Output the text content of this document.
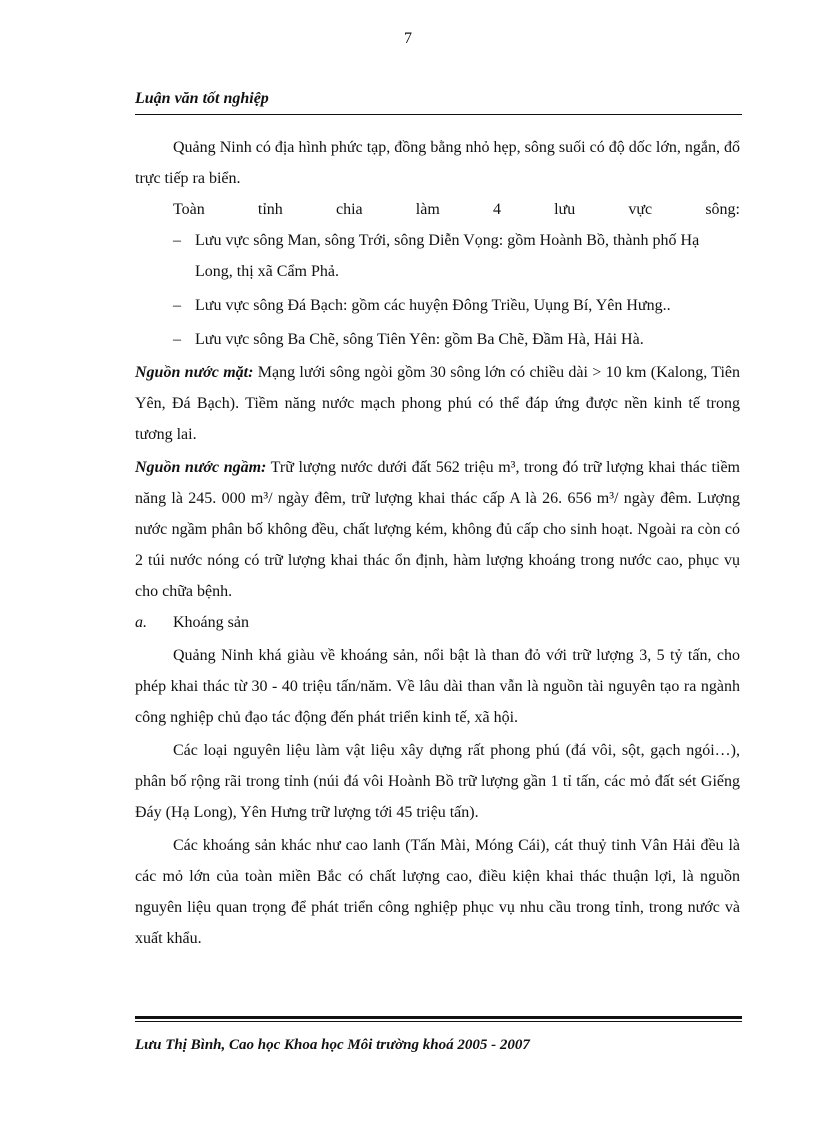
7
Luận văn tốt nghiệp

Quảng Ninh có địa hình phức tạp, đồng bằng nhỏ hẹp, sông suối có độ dốc lớn, ngắn, đổ trực tiếp ra biển.

Toàn tỉnh chia làm 4 lưu vực sông:

– Lưu vực sông Man, sông Trới, sông Diễn Vọng: gồm Hoành Bồ, thành phố Hạ Long, thị xã Cẩm Phả.

– Lưu vực sông Đá Bạch: gồm các huyện Đông Triều, Uụng Bí, Yên Hưng..

– Lưu vực sông Ba Chẽ, sông Tiên Yên: gồm Ba Chẽ, Đầm Hà, Hải Hà.

Nguồn nước mặt: Mạng lưới sông ngòi gồm 30 sông lớn có chiều dài > 10 km (Kalong, Tiên Yên, Đá Bạch). Tiềm năng nước mạch phong phú có thể đáp ứng được nền kinh tế trong tương lai.

Nguồn nước ngầm: Trữ lượng nước dưới đất 562 triệu m³, trong đó trữ lượng khai thác tiềm năng là 245. 000 m³/ ngày đêm, trữ lượng khai thác cấp A là 26. 656 m³/ ngày đêm. Lượng nước ngầm phân bố không đều, chất lượng kém, không đủ cấp cho sinh hoạt. Ngoài ra còn có 2 túi nước nóng có trữ lượng khai thác ổn định, hàm lượng khoáng trong nước cao, phục vụ cho chữa bệnh.

a.	Khoáng sản

Quảng Ninh khá giàu về khoáng sản, nổi bật là than đỏ với trữ lượng 3, 5 tỷ tấn, cho phép khai thác từ 30 - 40 triệu tấn/năm. Về lâu dài than vẫn là nguồn tài nguyên tạo ra ngành công nghiệp chủ đạo tác động đến phát triển kinh tế, xã hội.

Các loại nguyên liệu làm vật liệu xây dựng rất phong phú (đá vôi, sột, gạch ngói…), phân bố rộng rãi trong tỉnh (núi đá vôi Hoành Bồ trữ lượng gần 1 tỉ tấn, các mỏ đất sét Giếng Đáy (Hạ Long), Yên Hưng trữ lượng tới 45 triệu tấn).

Các khoáng sản khác như cao lanh (Tấn Mài, Móng Cái), cát thuỷ tinh Vân Hải đều là các mỏ lớn của toàn miền Bắc có chất lượng cao, điều kiện khai thác thuận lợi, là nguồn nguyên liệu quan trọng để phát triển công nghiệp phục vụ nhu cầu trong tỉnh, trong nước và xuất khẩu.

Lưu Thị Bình, Cao học Khoa học Môi trường khoá 2005 - 2007
